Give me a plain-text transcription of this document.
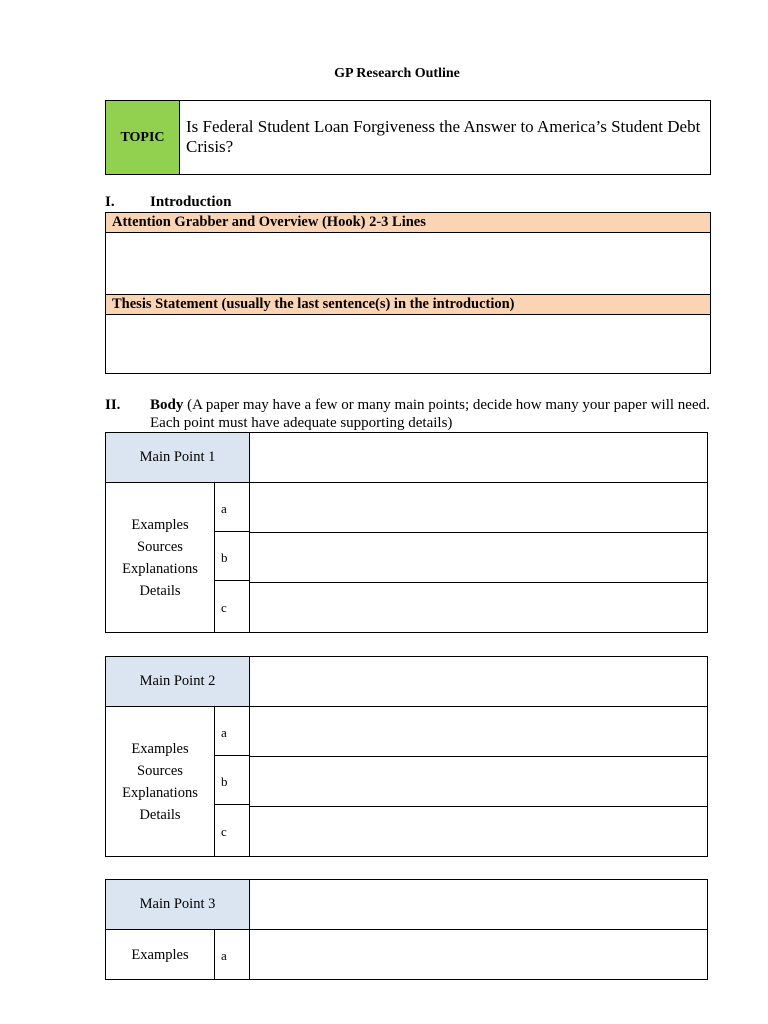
GP Research Outline
TOPIC
Is Federal Student Loan Forgiveness the Answer to America’s Student Debt Crisis?
I. Introduction
Attention Grabber and Overview (Hook) 2-3 Lines
Thesis Statement (usually the last sentence(s) in the introduction)
II. Body (A paper may have a few or many main points; decide how many your paper will need. Each point must have adequate supporting details)
Main Point 1
Examples
Sources
Explanations
Details
a
b
c
Main Point 2
Examples
Sources
Explanations
Details
a
b
c
Main Point 3
Examples	a
